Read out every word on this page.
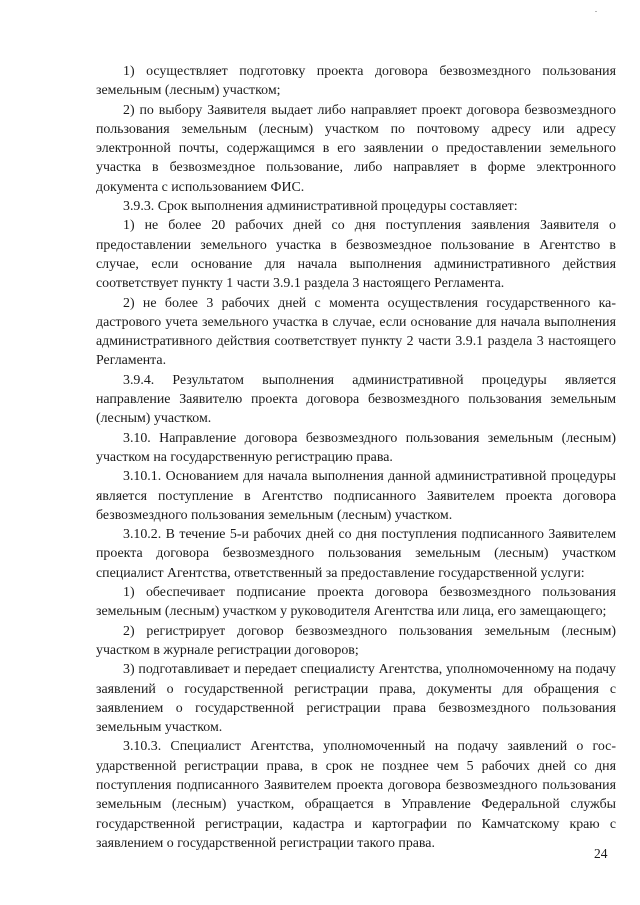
1) осуществляет подготовку проекта договора безвозмездного пользования земельным (лесным) участком;

2) по выбору Заявителя выдает либо направляет проект договора безвозмездного пользования земельным (лесным) участком по почтовому адресу или адресу электронной почты, содержащимся в его заявлении о предоставлении земельного участка в безвозмездное пользование, либо направляет в форме электронного документа с использованием ФИС.

3.9.3. Срок выполнения административной процедуры составляет:

1) не более 20 рабочих дней со дня поступления заявления Заявителя о предоставлении земельного участка в безвозмездное пользование в Агентство в случае, если основание для начала выполнения административного действия соответствует пункту 1 части 3.9.1 раздела 3 настоящего Регламента.

2) не более 3 рабочих дней с момента осуществления государственного кадастрового учета земельного участка в случае, если основание для начала выполнения административного действия соответствует пункту 2 части 3.9.1 раздела 3 настоящего Регламента.

3.9.4. Результатом выполнения административной процедуры является направление Заявителю проекта договора безвозмездного пользования земельным (лесным) участком.

3.10. Направление договора безвозмездного пользования земельным (лесным) участком на государственную регистрацию права.

3.10.1. Основанием для начала выполнения данной административной процедуры является поступление в Агентство подписанного Заявителем проекта договора безвозмездного пользования земельным (лесным) участком.

3.10.2. В течение 5-и рабочих дней со дня поступления подписанного Заявителем проекта договора безвозмездного пользования земельным (лесным) участком специалист Агентства, ответственный за предоставление государственной услуги:

1) обеспечивает подписание проекта договора безвозмездного пользования земельным (лесным) участком у руководителя Агентства или лица, его замещающего;

2) регистрирует договор безвозмездного пользования земельным (лесным) участком в журнале регистрации договоров;

3) подготавливает и передает специалисту Агентства, уполномоченному на подачу заявлений о государственной регистрации права, документы для обращения с заявлением о государственной регистрации права безвозмездного пользования земельным участком.

3.10.3. Специалист Агентства, уполномоченный на подачу заявлений о государственной регистрации права, в срок не позднее чем 5 рабочих дней со дня поступления подписанного Заявителем проекта договора безвозмездного пользования земельным (лесным) участком, обращается в Управление Федеральной службы государственной регистрации, кадастра и картографии по Камчатскому краю с заявлением о государственной регистрации такого права.

24
